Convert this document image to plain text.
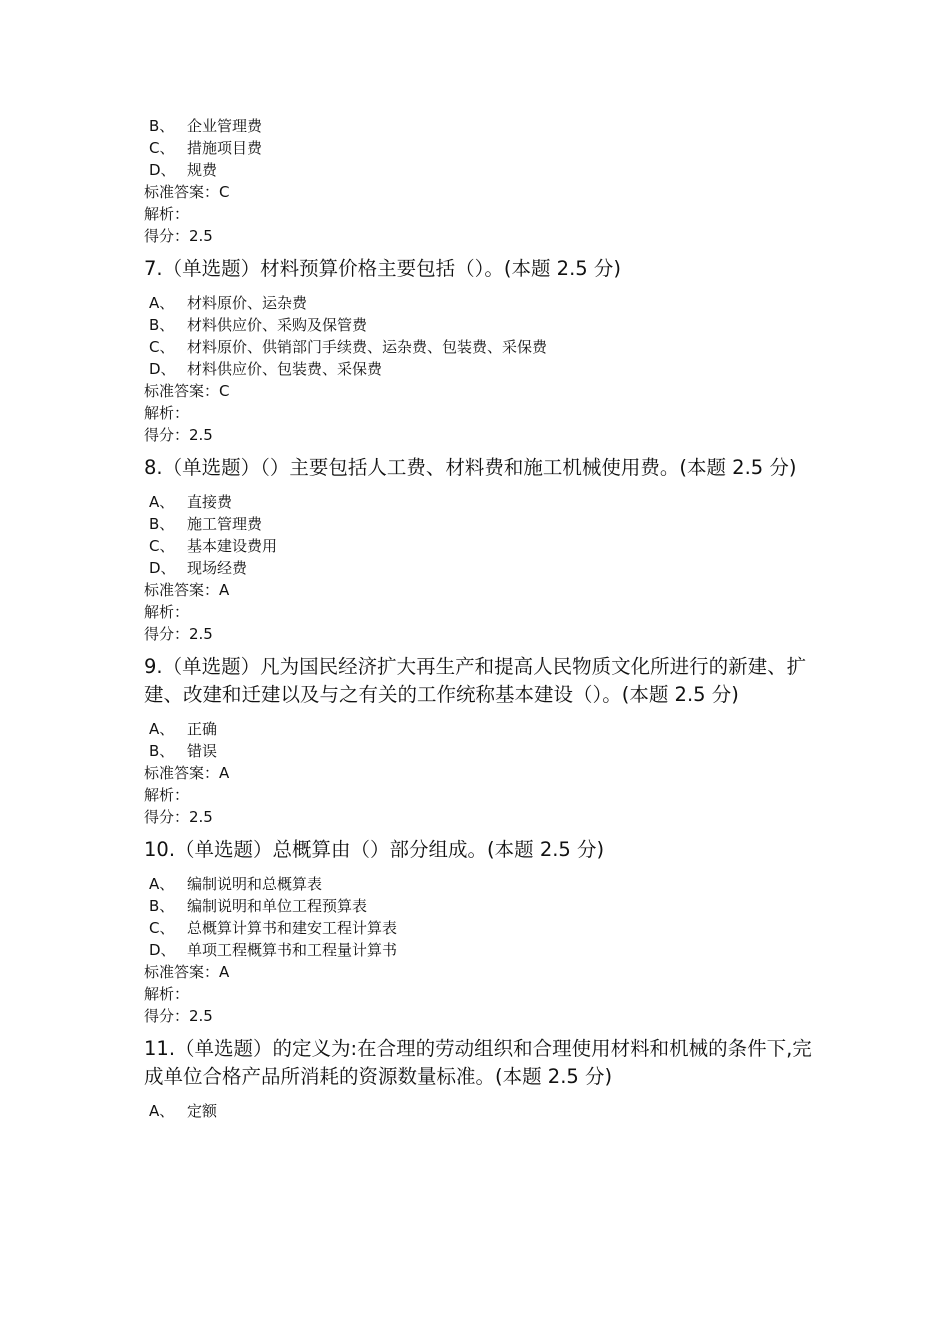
B、 企业管理费
C、 措施项目费
D、 规费
标准答案：C
解析：
得分：2.5
7.（单选题）材料预算价格主要包括（）。(本题 2.5 分)
A、 材料原价、运杂费
B、 材料供应价、采购及保管费
C、 材料原价、供销部门手续费、运杂费、包装费、采保费
D、 材料供应价、包装费、采保费
标准答案：C
解析：
得分：2.5
8.（单选题）（）主要包括人工费、材料费和施工机械使用费。(本题 2.5 分)
A、 直接费
B、 施工管理费
C、 基本建设费用
D、 现场经费
标准答案：A
解析：
得分：2.5
9.（单选题）凡为国民经济扩大再生产和提高人民物质文化所进行的新建、扩建、改建和迁建以及与之有关的工作统称基本建设（）。(本题 2.5 分)
A、 正确
B、 错误
标准答案：A
解析：
得分：2.5
10.（单选题）总概算由（）部分组成。(本题 2.5 分)
A、 编制说明和总概算表
B、 编制说明和单位工程预算表
C、 总概算计算书和建安工程计算表
D、 单项工程概算书和工程量计算书
标准答案：A
解析：
得分：2.5
11.（单选题）的定义为:在合理的劳动组织和合理使用材料和机械的条件下,完成单位合格产品所消耗的资源数量标准。(本题 2.5 分)
A、 定额
